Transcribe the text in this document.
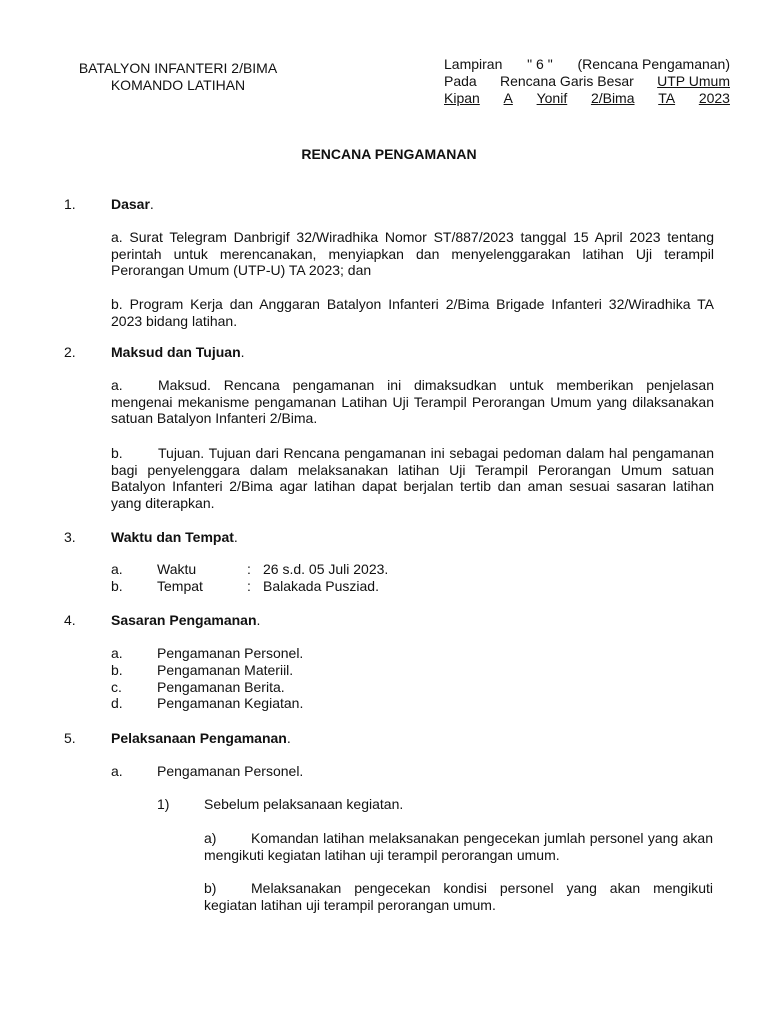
BATALYON INFANTERI 2/BIMA
KOMANDO LATIHAN
Lampiran " 6 " (Rencana Pengamanan)
Pada Rencana Garis Besar UTP Umum
Kipan A Yonif 2/Bima TA 2023
RENCANA PENGAMANAN
1.	Dasar.
a. Surat Telegram Danbrigif 32/Wiradhika Nomor ST/887/2023 tanggal 15 April 2023 tentang perintah untuk merencanakan, menyiapkan dan menyelenggarakan latihan Uji terampil Perorangan Umum (UTP-U) TA 2023; dan
b. Program Kerja dan Anggaran Batalyon Infanteri 2/Bima Brigade Infanteri 32/Wiradhika TA 2023 bidang latihan.
2.	Maksud dan Tujuan.
a.	Maksud. Rencana pengamanan ini dimaksudkan untuk memberikan penjelasan mengenai mekanisme pengamanan Latihan Uji Terampil Perorangan Umum yang dilaksanakan satuan Batalyon Infanteri 2/Bima.
b.	Tujuan. Tujuan dari Rencana pengamanan ini sebagai pedoman dalam hal pengamanan bagi penyelenggara dalam melaksanakan latihan Uji Terampil Perorangan Umum satuan Batalyon Infanteri 2/Bima agar latihan dapat berjalan tertib dan aman sesuai sasaran latihan yang diterapkan.
3.	Waktu dan Tempat.
a. Waktu	: 26 s.d. 05 Juli 2023.
b. Tempat	: Balakada Pusziad.
4.	Sasaran Pengamanan.
a. Pengamanan Personel.
b. Pengamanan Materiil.
c.	Pengamanan Berita.
d. Pengamanan Kegiatan.
5.	Pelaksanaan Pengamanan.
a. Pengamanan Personel.
1) Sebelum pelaksanaan kegiatan.
a) Komandan latihan melaksanakan pengecekan jumlah personel yang akan mengikuti kegiatan latihan uji terampil perorangan umum.
b) Melaksanakan pengecekan kondisi personel yang akan mengikuti kegiatan latihan uji terampil perorangan umum.
